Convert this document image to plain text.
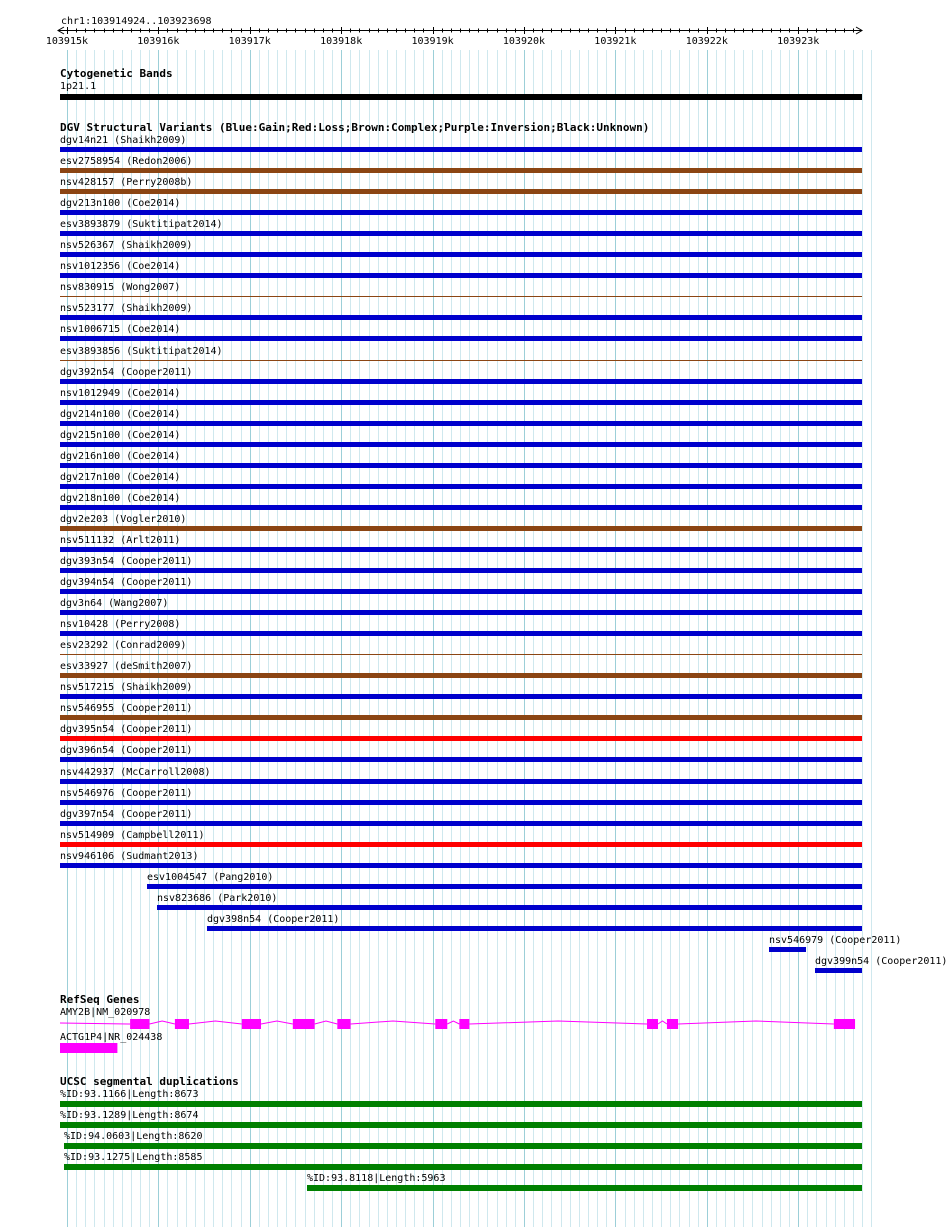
chr1:103914924..103923698
103915k	103916k	103917k	103918k	103919k	103920k	103921k	103922k	103923k
Cytogenetic Bands
1p21.1
DGV Structural Variants (Blue:Gain;Red:Loss;Brown:Complex;Purple:Inversion;Black:Unknown)
dgv14n21 (Shaikh2009)
esv2758954 (Redon2006)
nsv428157 (Perry2008b)
dgv213n100 (Coe2014)
esv3893879 (Suktitipat2014)
nsv526367 (Shaikh2009)
nsv1012356 (Coe2014)
nsv830915 (Wong2007)
nsv523177 (Shaikh2009)
nsv1006715 (Coe2014)
esv3893856 (Suktitipat2014)
dgv392n54 (Cooper2011)
nsv1012949 (Coe2014)
dgv214n100 (Coe2014)
dgv215n100 (Coe2014)
dgv216n100 (Coe2014)
dgv217n100 (Coe2014)
dgv218n100 (Coe2014)
dgv2e203 (Vogler2010)
nsv511132 (Arlt2011)
dgv393n54 (Cooper2011)
dgv394n54 (Cooper2011)
dgv3n64 (Wang2007)
nsv10428 (Perry2008)
esv23292 (Conrad2009)
esv33927 (deSmith2007)
nsv517215 (Shaikh2009)
nsv546955 (Cooper2011)
dgv395n54 (Cooper2011)
dgv396n54 (Cooper2011)
nsv442937 (McCarroll2008)
nsv546976 (Cooper2011)
dgv397n54 (Cooper2011)
nsv514909 (Campbell2011)
nsv946106 (Sudmant2013)
esv1004547 (Pang2010)
nsv823686 (Park2010)
dgv398n54 (Cooper2011)
nsv546979 (Cooper2011)
dgv399n54 (Cooper2011)
RefSeq Genes
AMY2B|NM_020978
ACTG1P4|NR_024438
UCSC segmental duplications
%ID:93.1166|Length:8673
%ID:93.1289|Length:8674
%ID:94.0603|Length:8620
%ID:93.1275|Length:8585
%ID:93.8118|Length:5963
